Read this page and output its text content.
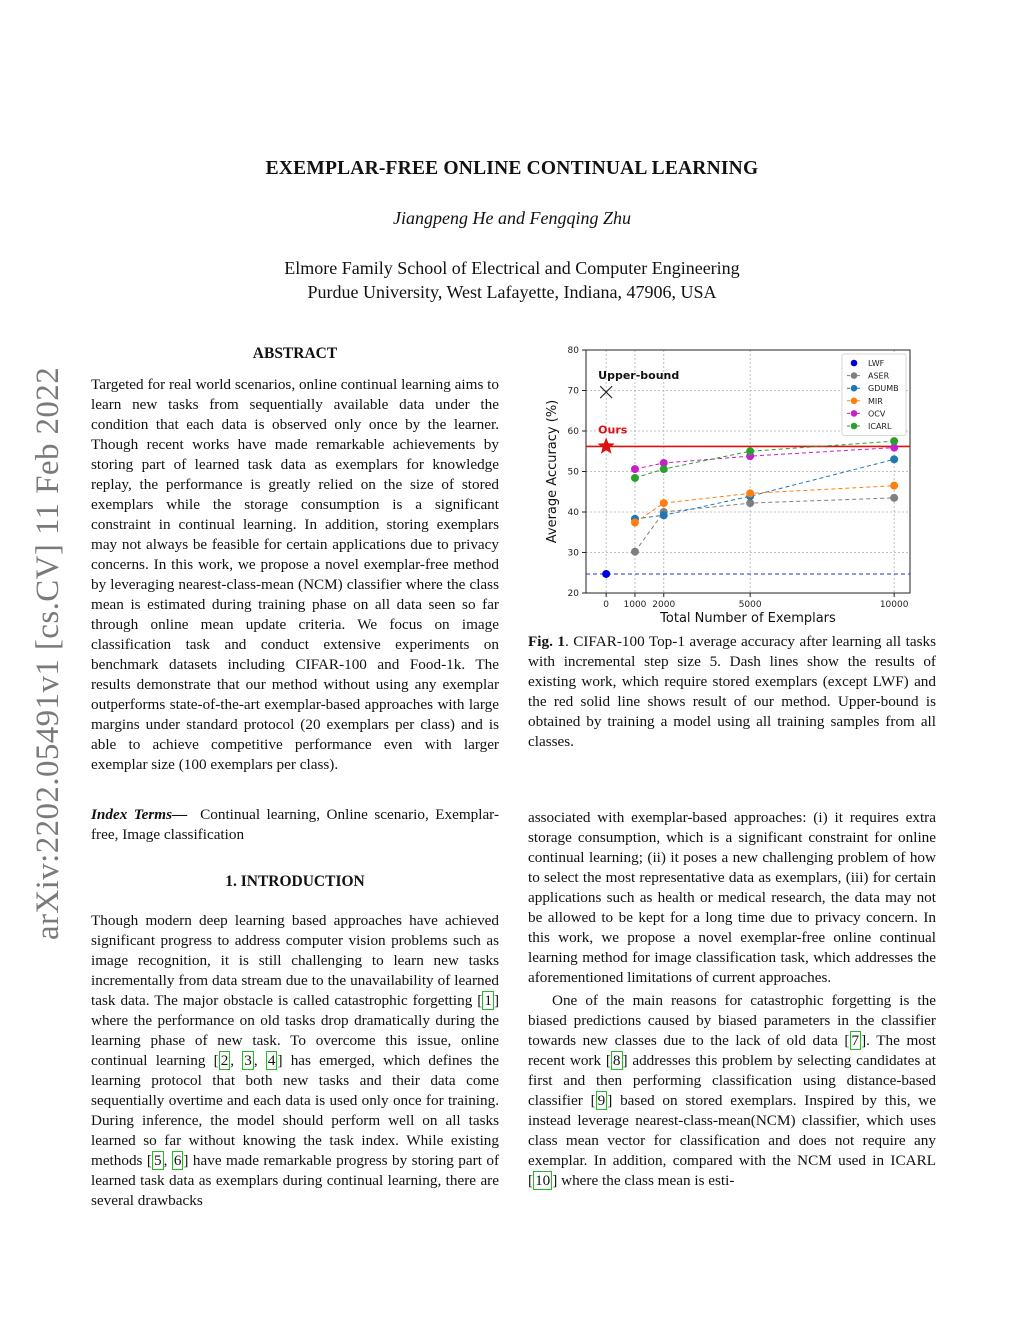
EXEMPLAR-FREE ONLINE CONTINUAL LEARNING
Jiangpeng He and Fengqing Zhu
Elmore Family School of Electrical and Computer Engineering
Purdue University, West Lafayette, Indiana, 47906, USA
arXiv:2202.05491v1 [cs.CV] 11 Feb 2022
ABSTRACT
Targeted for real world scenarios, online continual learning aims to learn new tasks from sequentially available data under the condition that each data is observed only once by the learner. Though recent works have made remarkable achievements by storing part of learned task data as exemplars for knowledge replay, the performance is greatly relied on the size of stored exemplars while the storage consumption is a significant constraint in continual learning. In addition, storing exemplars may not always be feasible for certain applications due to privacy concerns. In this work, we propose a novel exemplar-free method by leveraging nearest-class-mean (NCM) classifier where the class mean is estimated during training phase on all data seen so far through online mean update criteria. We focus on image classification task and conduct extensive experiments on benchmark datasets including CIFAR-100 and Food-1k. The results demonstrate that our method without using any exemplar outperforms state-of-the-art exemplar-based approaches with large margins under standard protocol (20 exemplars per class) and is able to achieve competitive performance even with larger exemplar size (100 exemplars per class).
Index Terms— Continual learning, Online scenario, Exemplar-free, Image classification
1. INTRODUCTION
Though modern deep learning based approaches have achieved significant progress to address computer vision problems such as image recognition, it is still challenging to learn new tasks incrementally from data stream due to the unavailability of learned task data. The major obstacle is called catastrophic forgetting [ 1 ] where the performance on old tasks drop dramatically during the learning phase of new task. To overcome this issue, online continual learning [ 2 , 3 , 4 ] has emerged, which defines the learning protocol that both new tasks and their data come sequentially overtime and each data is used only once for training. During inference, the model should perform well on all tasks learned so far without knowing the task index. While existing methods [ 5 , 6 ] have made remarkable progress by storing part of learned task data as exemplars during continual learning, there are several drawbacks
20
30
40
50
60
70
80
0 1000 2000	5000	10000
Total Number of Exemplars
Average Accuracy (%)	Ours
Upper-bound
LWF
ASER
GDUMB
MIR
OCV
ICARL
Fig. 1. CIFAR-100 Top-1 average accuracy after learning all tasks with incremental step size 5. Dash lines show the results of existing work, which require stored exemplars (except LWF) and the red solid line shows result of our method. Upper-bound is obtained by training a model using all training samples from all classes.

associated with exemplar-based approaches: (i) it requires extra storage consumption, which is a significant constraint for online continual learning; (ii) it poses a new challenging problem of how to select the most representative data as exemplars, (iii) for certain applications such as health or medical research, the data may not be allowed to be kept for a long time due to privacy concern. In this work, we propose a novel exemplar-free online continual learning method for image classification task, which addresses the aforementioned limitations of current approaches.

One of the main reasons for catastrophic forgetting is the biased predictions caused by biased parameters in the classifier towards new classes due to the lack of old data [ 7 ]. The most recent work [ 8 ] addresses this problem by selecting candidates at first and then performing classification using distance-based classifier [ 9 ] based on stored exemplars. Inspired by this, we instead leverage nearest-class-mean(NCM) classifier, which uses class mean vector for classification and does not require any exemplar. In addition, compared with the NCM used in ICARL [ 10 ] where the class mean is esti-
